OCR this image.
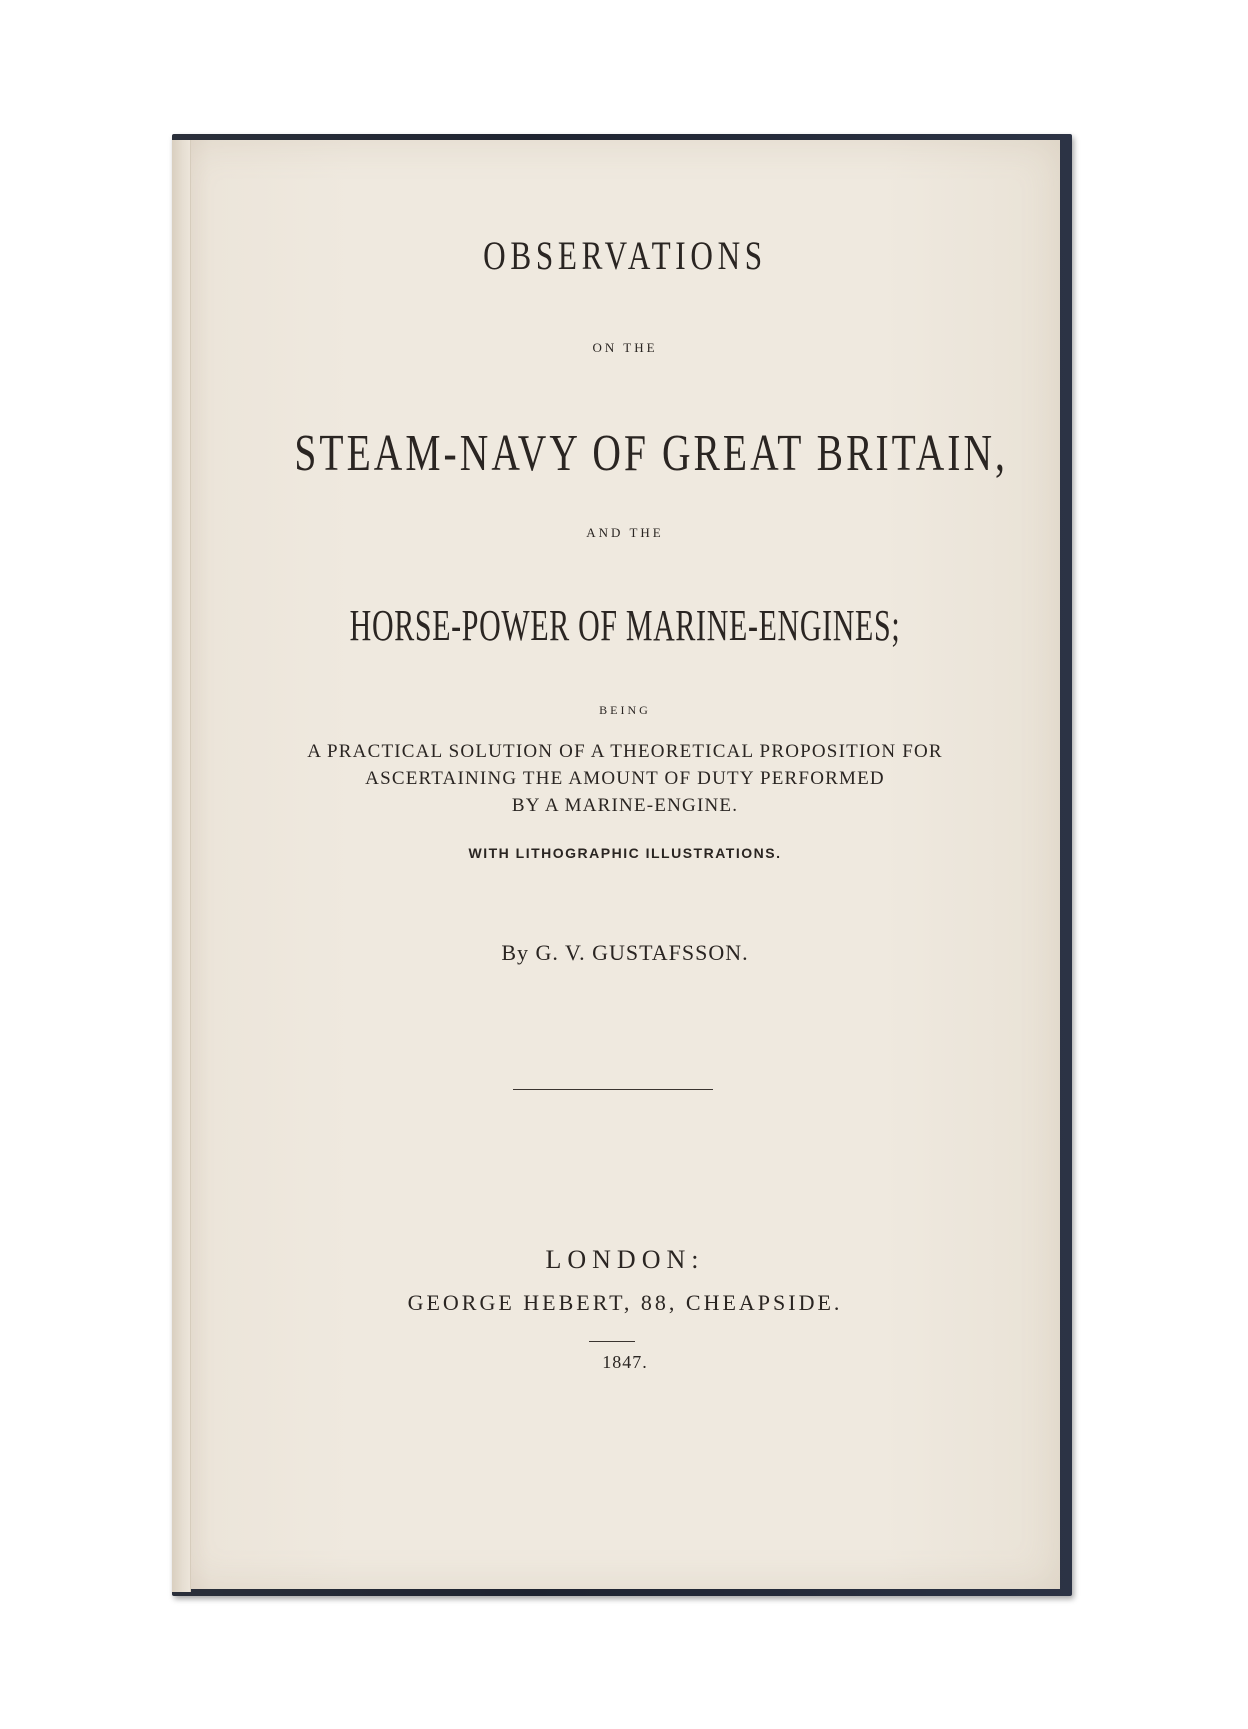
OBSERVATIONS
ON THE
STEAM-NAVY OF GREAT BRITAIN,
AND THE
HORSE-POWER OF MARINE-ENGINES;
BEING
A PRACTICAL SOLUTION OF A THEORETICAL PROPOSITION FOR
ASCERTAINING THE AMOUNT OF DUTY PERFORMED
BY A MARINE-ENGINE.
WITH LITHOGRAPHIC ILLUSTRATIONS.
By G. V. GUSTAFSSON.
LONDON:
GEORGE HEBERT, 88, CHEAPSIDE.
1847.
